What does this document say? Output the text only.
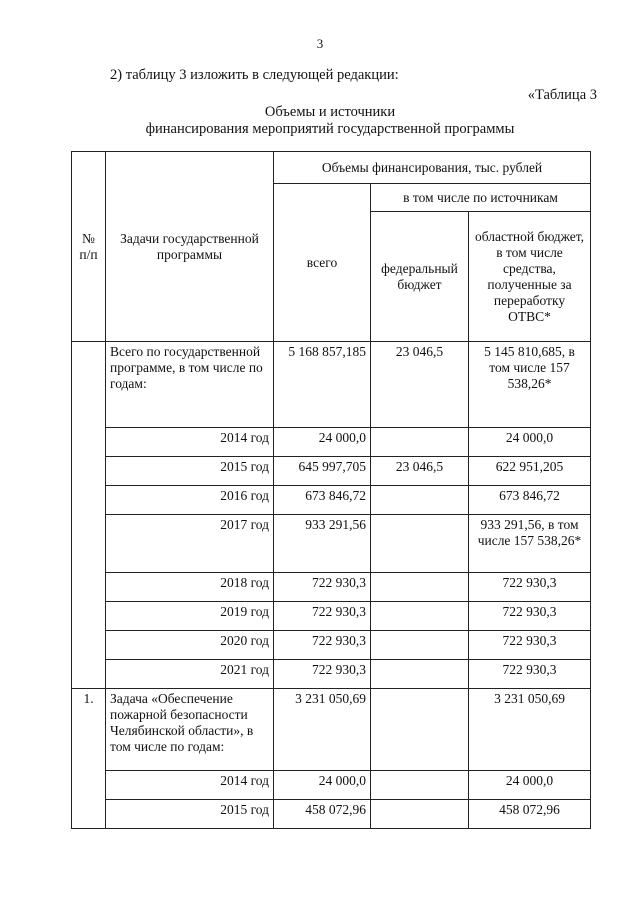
3
2) таблицу 3 изложить в следующей редакции:
«Таблица 3
Объемы и источники
финансирования мероприятий государственной программы
№ п/п	Задачи государственной программы	Объемы финансирования, тыс. рублей		
		всего	в том числе по источникам	
			федеральный бюджет	областной бюджет, в том числе средства, полученные за переработку ОТВС*
	Всего по государственной программе, в том числе по годам:	5 168 857,185	23 046,5	5 145 810,685, в том числе 157 538,26*
	2014 год	24 000,0		24 000,0
	2015 год	645 997,705	23 046,5	622 951,205
	2016 год	673 846,72		673 846,72
	2017 год	933 291,56		933 291,56, в том числе 157 538,26*
	2018 год	722 930,3		722 930,3
	2019 год	722 930,3		722 930,3
	2020 год	722 930,3		722 930,3
	2021 год	722 930,3		722 930,3
1.	Задача «Обеспечение пожарной безопасности Челябинской области», в том числе по годам:	3 231 050,69		3 231 050,69
	2014 год	24 000,0		24 000,0
	2015 год	458 072,96		458 072,96
